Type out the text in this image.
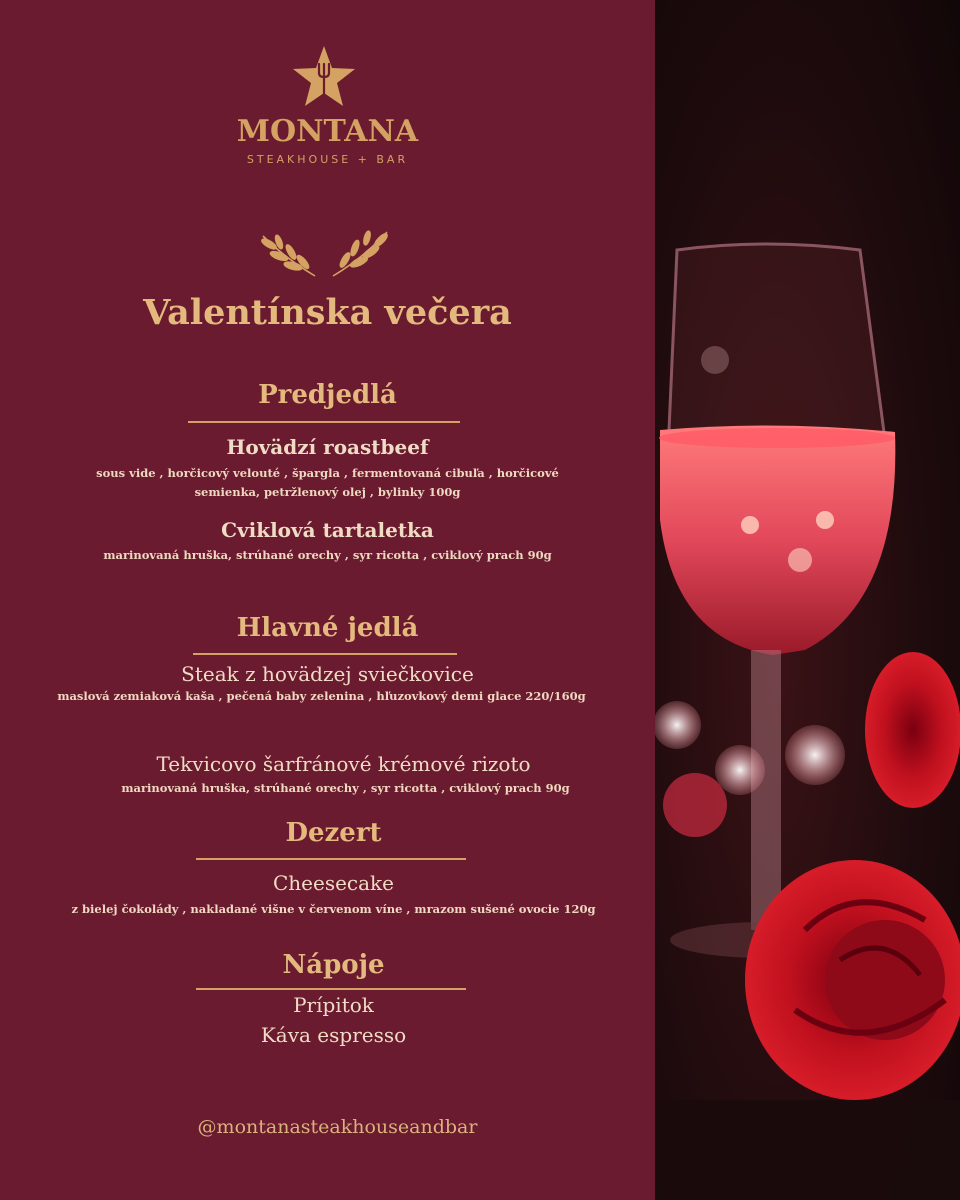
MONTANA
STEAKHOUSE + BAR
Valentínska večera
Predjedlá
Hovädzí roastbeef
sous vide , horčicový velouté , špargla , fermentovaná cibuľa , horčicové
semienka, petržlenový olej , bylinky 100g
Cviklová tartaletka
marinovaná hruška, strúhané orechy , syr ricotta , cviklový prach 90g
Hlavné jedlá
Steak z hovädzej sviečkovice
maslová zemiaková kaša , pečená baby zelenina , hľuzovkový demi glace 220/160g
Tekvicovo šarfránové krémové rizoto
marinovaná hruška, strúhané orechy , syr ricotta , cviklový prach 90g
Dezert
Cheesecake
z bielej čokolády , nakladané višne v červenom víne , mrazom sušené ovocie 120g
Nápoje
Prípitok
Káva espresso
@montanasteakhouseandbar
